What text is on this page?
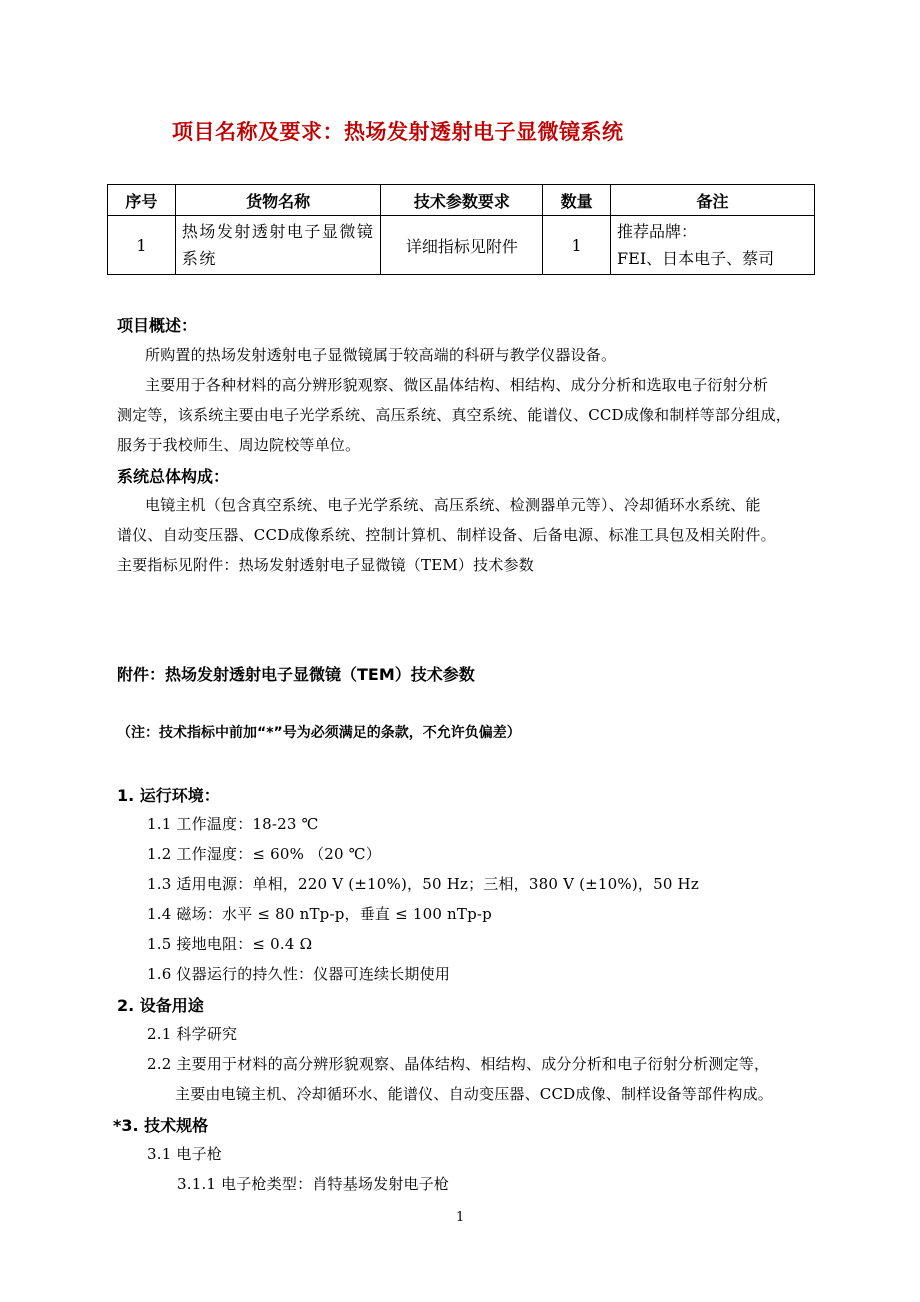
项目名称及要求：热场发射透射电子显微镜系统
序号	货物名称	技术参数要求	数量	备注
1	热场发射透射电子显微镜系统	详细指标见附件	1	推荐品牌：
FEI、日本电子、蔡司
项目概述：
所购置的热场发射透射电子显微镜属于较高端的科研与教学仪器设备。
主要用于各种材料的高分辨形貌观察、微区晶体结构、相结构、成分分析和选取电子衍射分析
测定等，该系统主要由电子光学系统、高压系统、真空系统、能谱仪、CCD成像和制样等部分组成，
服务于我校师生、周边院校等单位。
系统总体构成：
电镜主机（包含真空系统、电子光学系统、高压系统、检测器单元等）、冷却循环水系统、能
谱仪、自动变压器、CCD成像系统、控制计算机、制样设备、后备电源、标准工具包及相关附件。
主要指标见附件：热场发射透射电子显微镜（TEM）技术参数
附件：热场发射透射电子显微镜（TEM）技术参数
（注：技术指标中前加“*”号为必须满足的条款，不允许负偏差）
1. 运行环境：
1.1 工作温度：18-23 ℃
1.2 工作湿度：≤ 60% （20 ℃）
1.3 适用电源：单相，220 V (±10%)，50 Hz；三相，380 V (±10%)，50 Hz
1.4 磁场：水平 ≤ 80 nTp-p，垂直 ≤ 100 nTp-p
1.5 接地电阻：≤ 0.4 Ω
1.6 仪器运行的持久性：仪器可连续长期使用
2. 设备用途
2.1 科学研究
2.2 主要用于材料的高分辨形貌观察、晶体结构、相结构、成分分析和电子衍射分析测定等，
主要由电镜主机、冷却循环水、能谱仪、自动变压器、CCD成像、制样设备等部件构成。
*3. 技术规格
3.1 电子枪
3.1.1 电子枪类型：肖特基场发射电子枪
1
